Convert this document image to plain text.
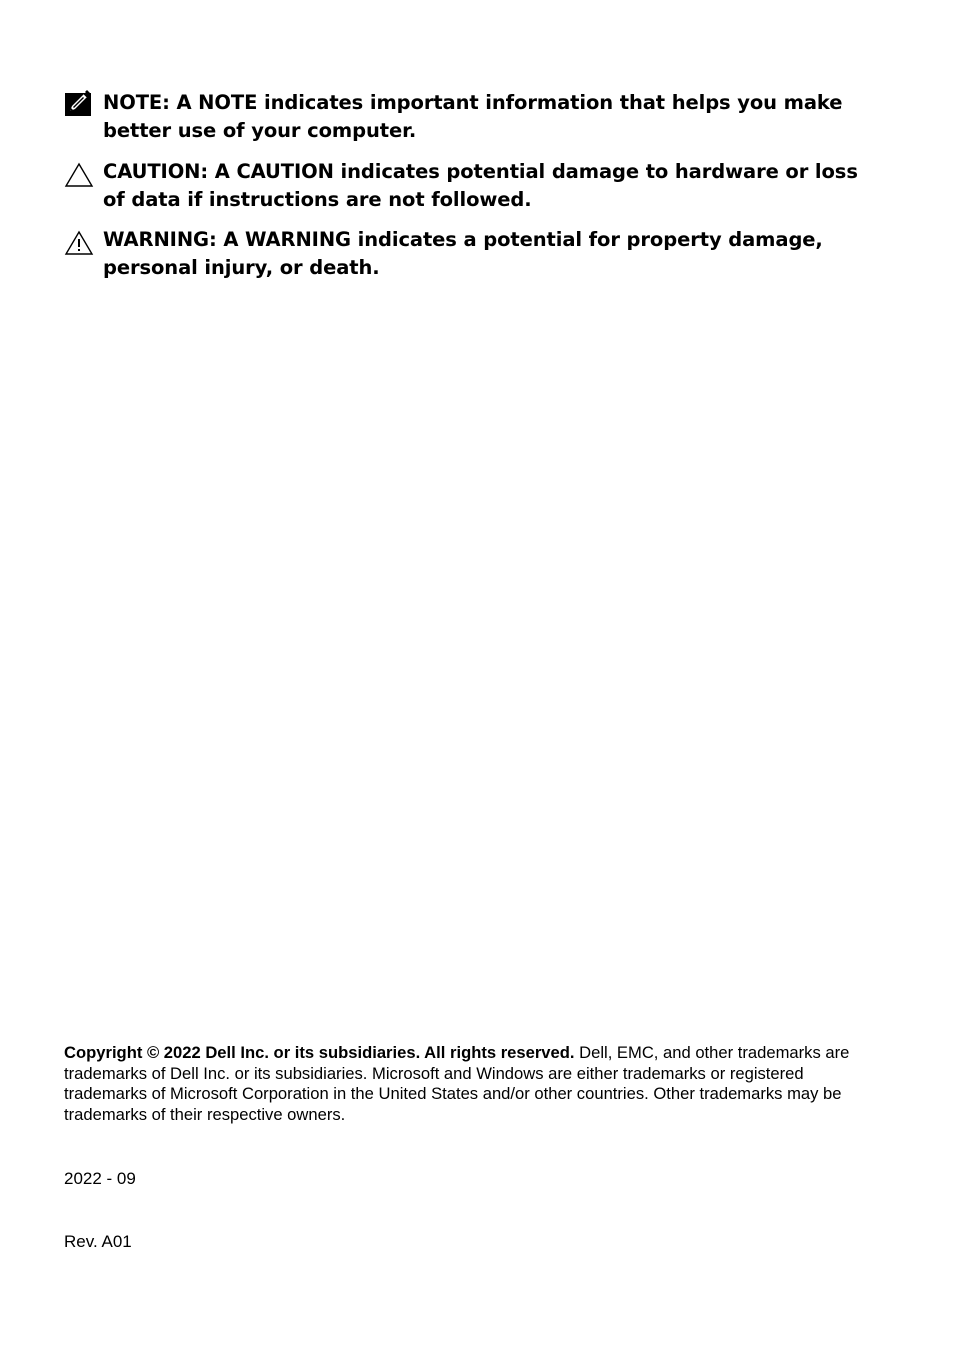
NOTE: A NOTE indicates important information that helps you make better use of your computer.
CAUTION: A CAUTION indicates potential damage to hardware or loss of data if instructions are not followed.
WARNING: A WARNING indicates a potential for property damage, personal injury, or death.
Copyright © 2022 Dell Inc. or its subsidiaries. All rights reserved. Dell, EMC, and other trademarks are trademarks of Dell Inc. or its subsidiaries. Microsoft and Windows are either trademarks or registered trademarks of Microsoft Corporation in the United States and/or other countries. Other trademarks may be trademarks of their respective owners.
2022 - 09
Rev. A01
